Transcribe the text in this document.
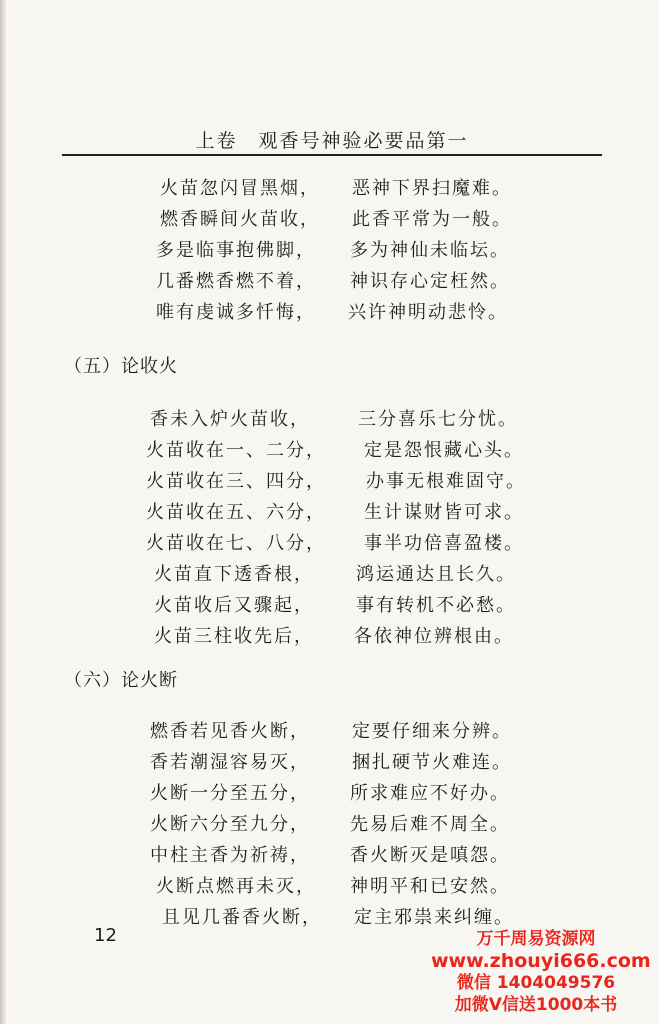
上卷　观香号神验必要品第一
火苗忽闪冒黑烟， 恶神下界扫魔难。
燃香瞬间火苗收， 此香平常为一般。
多是临事抱佛脚， 多为神仙未临坛。
几番燃香燃不着， 神识存心定枉然。
唯有虔诚多忏悔， 兴许神明动悲怜。
（五）论收火
香未入炉火苗收，	三分喜乐七分忧。
火苗收在一、二分， 定是怨恨藏心头。
火苗收在三、四分， 办事无根难固守。
火苗收在五、六分， 生计谋财皆可求。
火苗收在七、八分， 事半功倍喜盈楼。
火苗直下透香根， 鸿运通达且长久。
火苗收后又骤起， 事有转机不必愁。
火苗三柱收先后， 各依神位辨根由。
（六）论火断
燃香若见香火断， 定要仔细来分辨。
香若潮湿容易灭， 捆扎硬节火难连。
火断一分至五分， 所求难应不好办。
火断六分至九分， 先易后难不周全。
中柱主香为祈祷， 香火断灭是嗔怨。
火断点燃再未灭， 神明平和已安然。
且见几番香火断， 定主邪祟来纠缠。
12	万千周易资源网
www.zhouyi666.com
微信 1404049576
加微V信送1000本书
